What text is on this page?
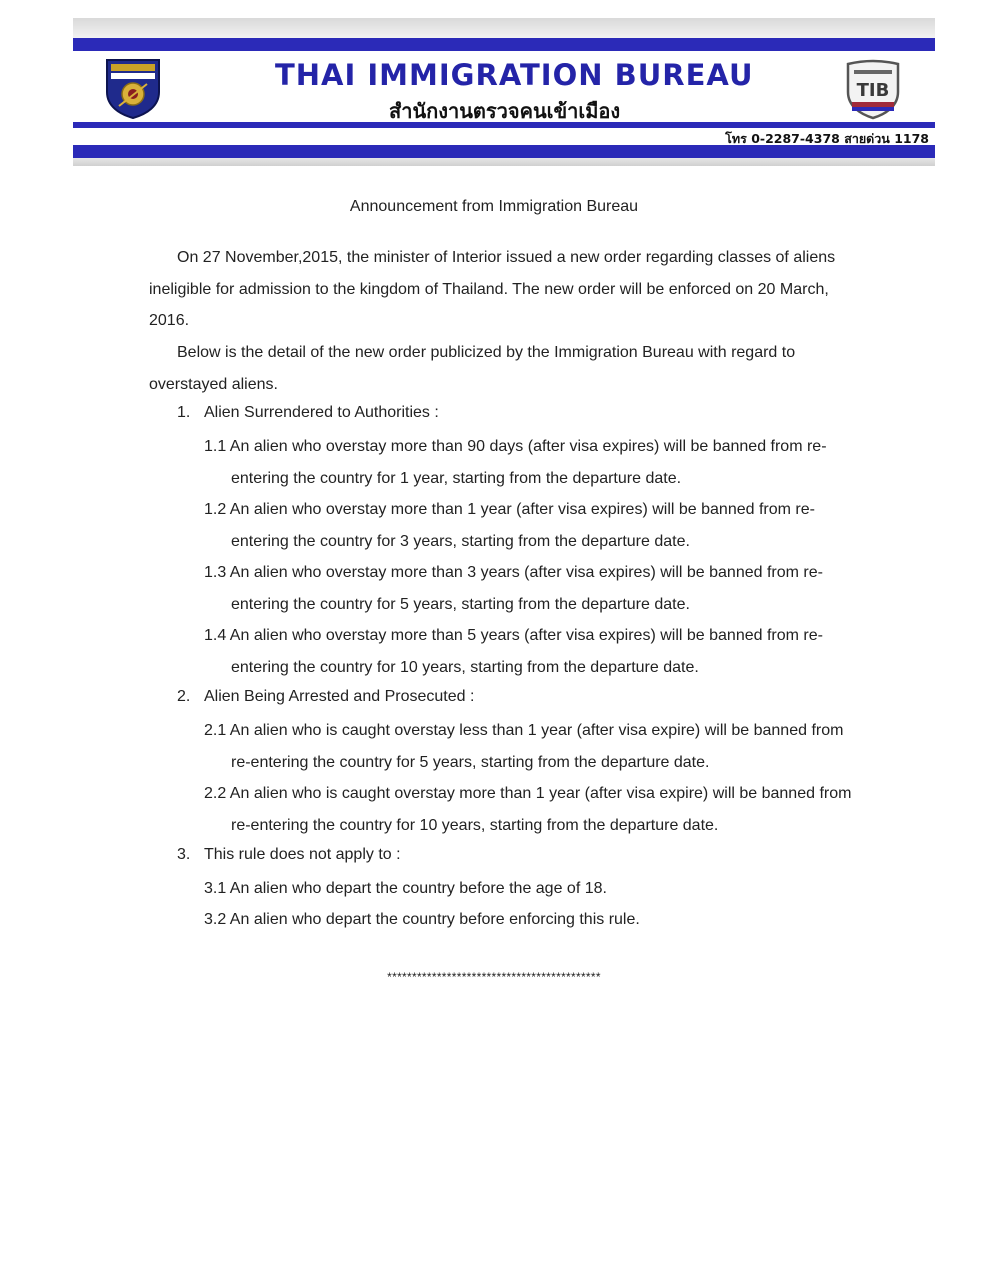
THAI IMMIGRATION BUREAU
สำนักงานตรวจคนเข้าเมือง
TIB
โทร 0-2287-4378 สายด่วน 1178
Announcement from Immigration Bureau

On 27 November,2015, the minister of Interior issued a new order regarding classes of aliens ineligible for admission to the kingdom of Thailand. The new order will be enforced on 20 March, 2016.

Below is the detail of the new order publicized by the Immigration Bureau with regard to overstayed aliens.

1. Alien Surrendered to Authorities :
1.1 An alien who overstay more than 90 days (after visa expires) will be banned from re-entering the country for 1 year, starting from the departure date.
1.2 An alien who overstay more than 1 year (after visa expires) will be banned from re-entering the country for 3 years, starting from the departure date.
1.3 An alien who overstay more than 3 years (after visa expires) will be banned from re-entering the country for 5 years, starting from the departure date.
1.4 An alien who overstay more than 5 years (after visa expires) will be banned from re-entering the country for 10 years, starting from the departure date.
2. Alien Being Arrested and Prosecuted :
2.1 An alien who is caught overstay less than 1 year (after visa expire) will be banned from re-entering the country for 5 years, starting from the departure date.
2.2 An alien who is caught overstay more than 1 year (after visa expire) will be banned from re-entering the country for 10 years, starting from the departure date.
3. This rule does not apply to :
3.1 An alien who depart the country before the age of 18.
3.2 An alien who depart the country before enforcing this rule.
*******************************************
